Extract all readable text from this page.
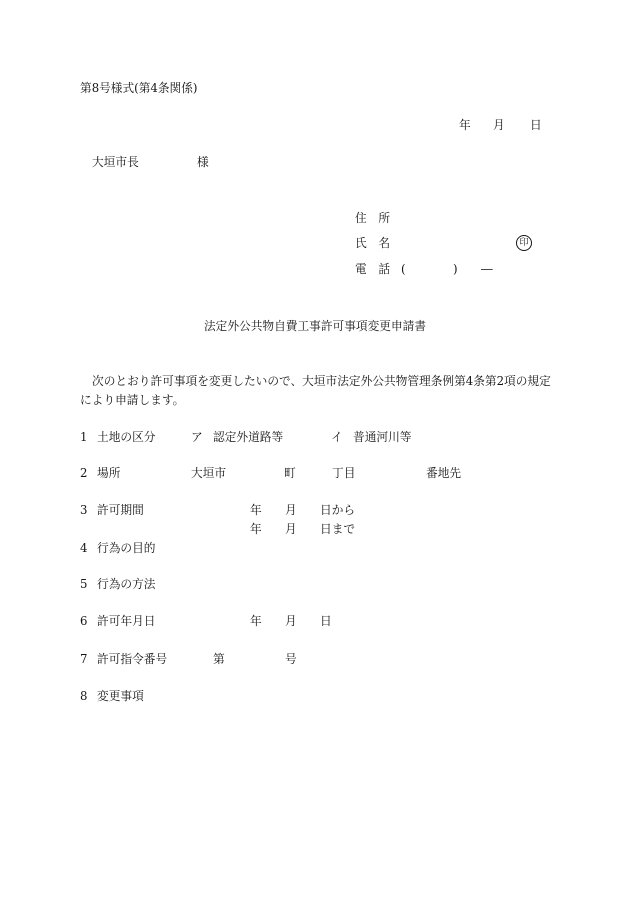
第8号様式(第4条関係)
年 月 日
大垣市長	様
住　所
氏　名	印
電　話 (	) ―
法定外公共物自費工事許可事項変更申請書
次のとおり許可事項を変更したいので、大垣市法定外公共物管理条例第4条第2項の規定
により申請します。
1 土地の区分	ア 認定外道路等	イ 普通河川等
2 場所	大垣市	町	丁目	番地先
3 許可期間	年 月 日から
年 月 日まで
4 行為の目的
5 行為の方法
6 許可年月日	年 月 日
7 許可指令番号	第	号
8 変更事項
